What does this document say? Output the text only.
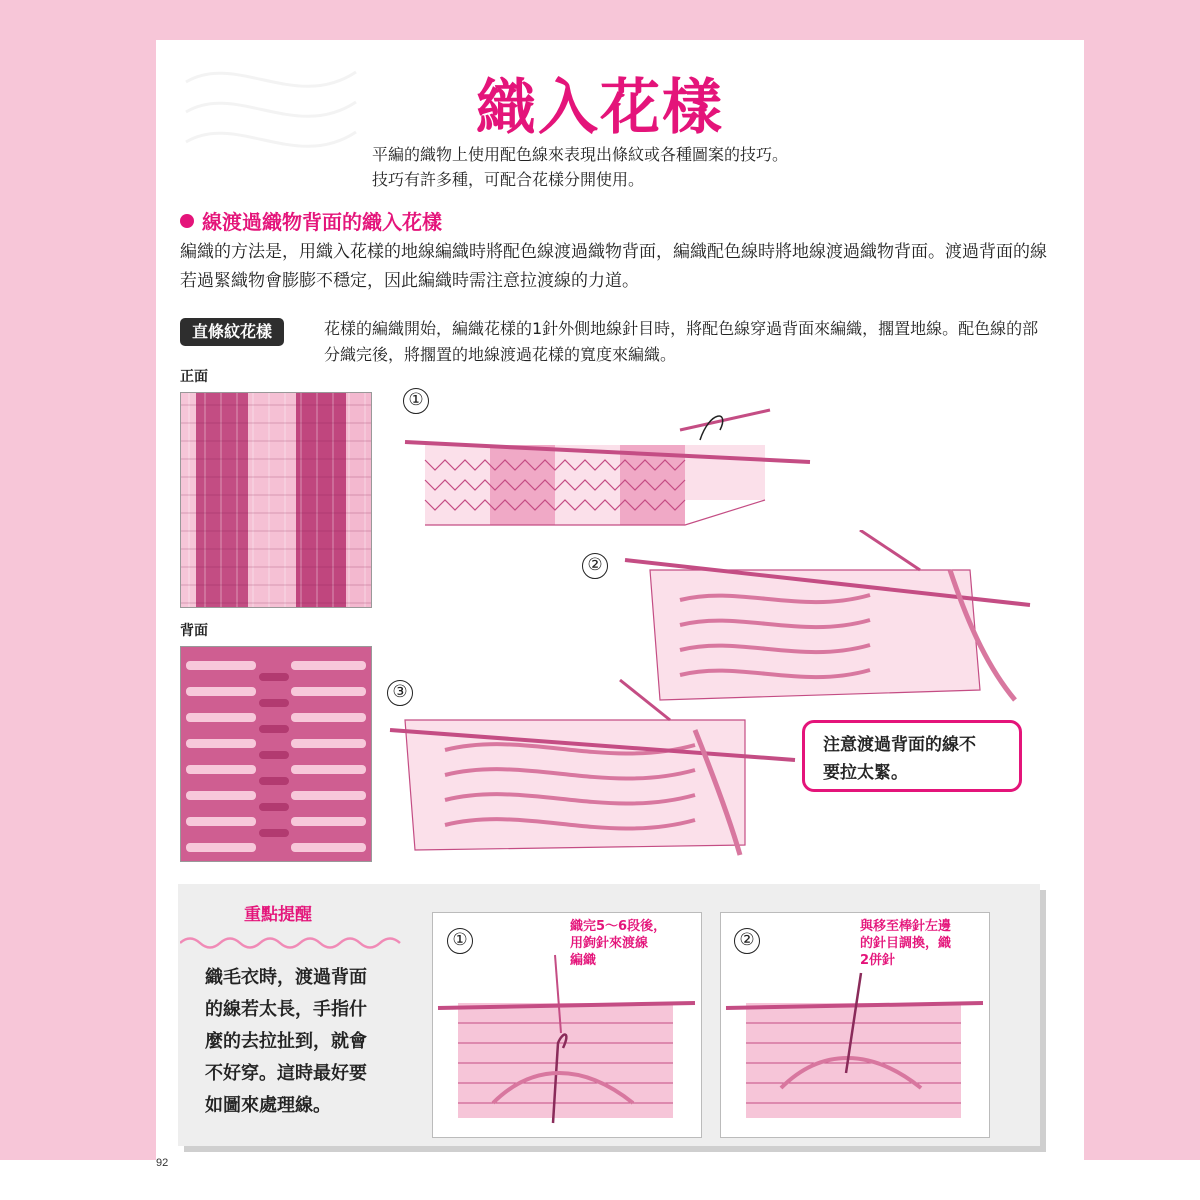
織入花樣
平編的織物上使用配色線來表現出條紋或各種圖案的技巧。
技巧有許多種，可配合花樣分開使用。
線渡過織物背面的織入花樣
編織的方法是，用織入花樣的地線編織時將配色線渡過織物背面，編織配色線時將地線渡過織物背面。渡過背面的線若過緊織物會膨膨不穩定，因此編織時需注意拉渡線的力道。
直條紋花樣	花樣的編織開始，編織花樣的1針外側地線針目時，將配色線穿過背面來編織，擱置地線。配色線的部分織完後，將擱置的地線渡過花樣的寬度來編織。
正面
背面
①
②
③
注意渡過背面的線不
要拉太緊。
重點提醒
織毛衣時，渡過背面
的線若太長，手指什
麼的去拉扯到，就會
不好穿。這時最好要
如圖來處理線。
①
織完5～6段後，
用鉤針來渡線
編織
②
與移至棒針左邊
的針目調換，織
2併針
92
